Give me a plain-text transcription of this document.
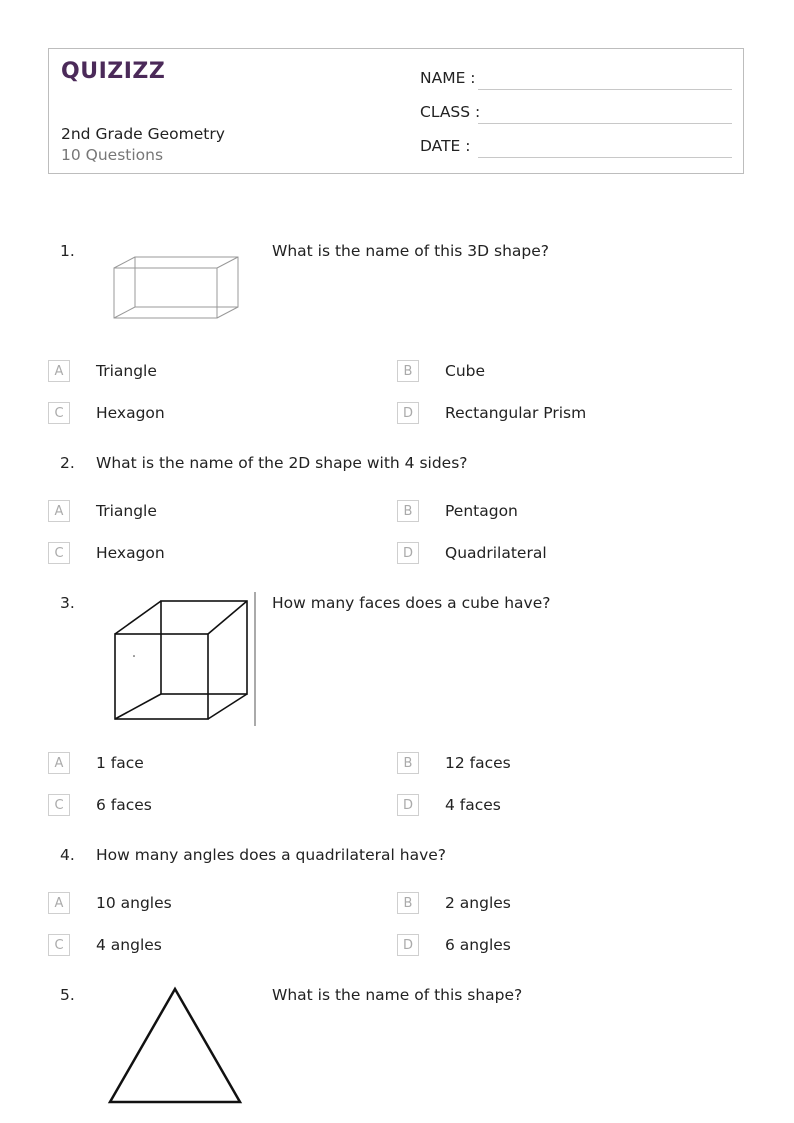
QUIZIZZ
2nd Grade Geometry
10 Questions
NAME :
CLASS :
DATE :
1.	What is the name of this 3D shape?
A	Triangle	B	Cube
C	Hexagon	D	Rectangular Prism
2. What is the name of the 2D shape with 4 sides?
A	Triangle	B	Pentagon
C	Hexagon	D	Quadrilateral
3.	How many faces does a cube have?
A	1 face	B	12 faces
C	6 faces	D	4 faces
4. How many angles does a quadrilateral have?
A	10 angles	B	2 angles
C	4 angles	D	6 angles
5.	What is the name of this shape?
